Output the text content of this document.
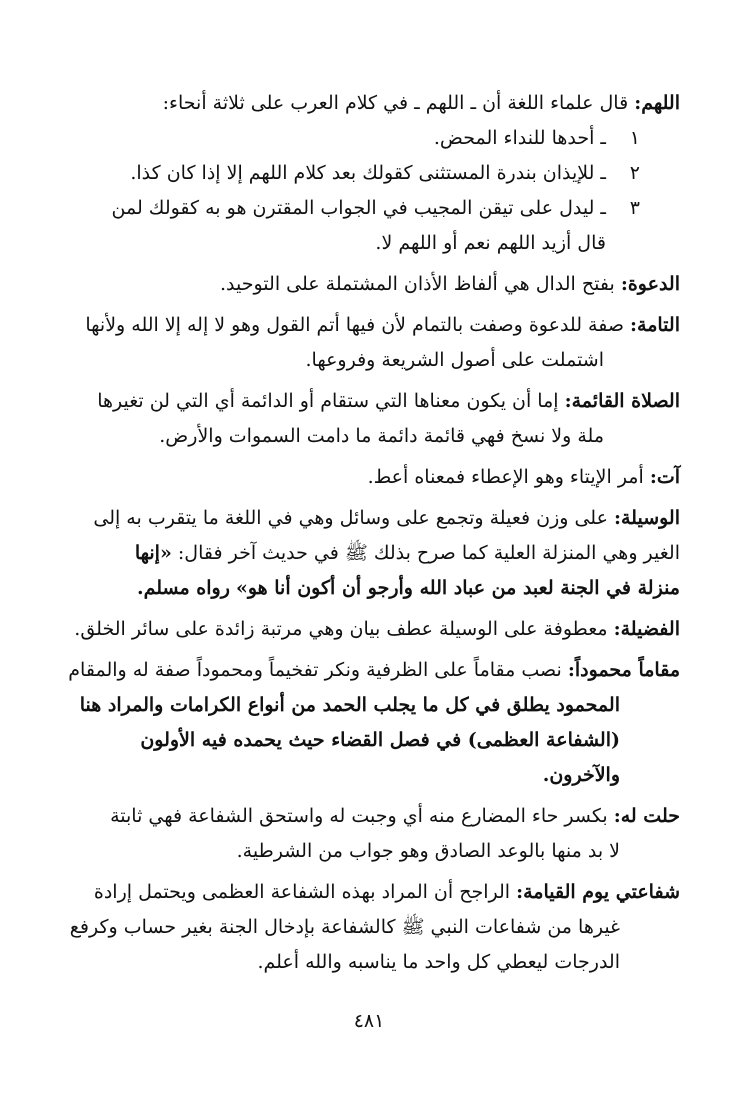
اللهم: قال علماء اللغة أن ـ اللهم ـ في كلام العرب على ثلاثة أنحاء:
١ـ أحدها للنداء المحض.
٢ـ للإيذان بندرة المستثنى كقولك بعد كلام اللهم إلا إذا كان كذا.
٣ـ ليدل على تيقن المجيب في الجواب المقترن هو به كقولك لمن
قال أزيد اللهم نعم أو اللهم لا.
الدعوة: بفتح الدال هي ألفاظ الأذان المشتملة على التوحيد.
التامة: صفة للدعوة وصفت بالتمام لأن فيها أتم القول وهو لا إله إلا الله ولأنها
اشتملت على أصول الشريعة وفروعها.
الصلاة القائمة: إما أن يكون معناها التي ستقام أو الدائمة أي التي لن تغيرها
ملة ولا نسخ فهي قائمة دائمة ما دامت السموات والأرض.
آت: أمر الإيتاء وهو الإعطاء فمعناه أعط.
الوسيلة: على وزن فعيلة وتجمع على وسائل وهي في اللغة ما يتقرب به إلى
الغير وهي المنزلة العلية كما صرح بذلك ﷺ في حديث آخر فقال: «إنها
منزلة في الجنة لعبد من عباد الله وأرجو أن أكون أنا هو» رواه مسلم.
الفضيلة: معطوفة على الوسيلة عطف بيان وهي مرتبة زائدة على سائر الخلق.
مقاماً محموداً: نصب مقاماً على الظرفية ونكر تفخيماً ومحموداً صفة له والمقام
المحمود يطلق في كل ما يجلب الحمد من أنواع الكرامات والمراد هنا
(الشفاعة العظمى) في فصل القضاء حيث يحمده فيه الأولون والآخرون.
حلت له: بكسر حاء المضارع منه أي وجبت له واستحق الشفاعة فهي ثابتة
لا بد منها بالوعد الصادق وهو جواب من الشرطية.
شفاعتي يوم القيامة: الراجح أن المراد بهذه الشفاعة العظمى ويحتمل إرادة
غيرها من شفاعات النبي ﷺ كالشفاعة بإدخال الجنة بغير حساب وكرفع
الدرجات ليعطي كل واحد ما يناسبه والله أعلم.
٤٨١
